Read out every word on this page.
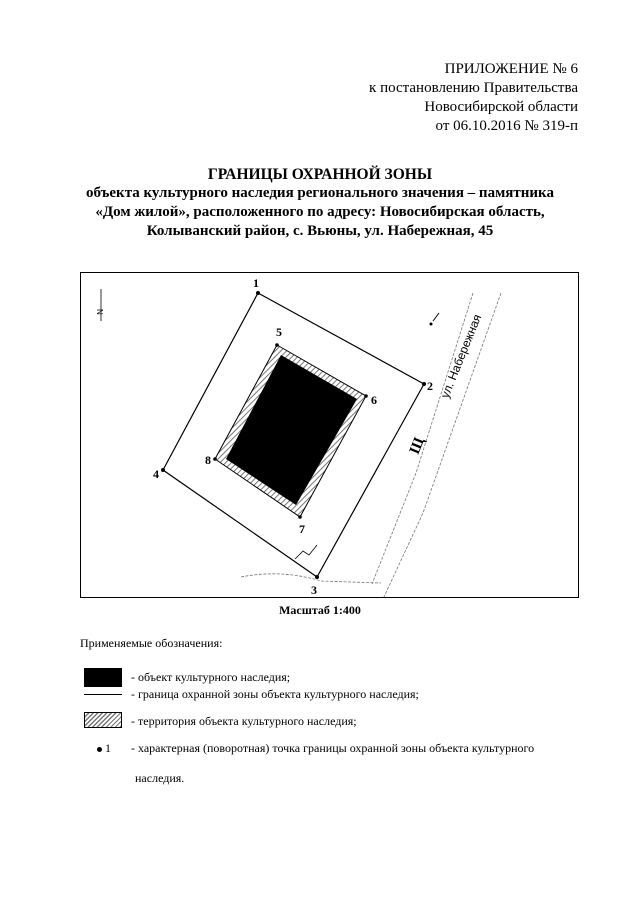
ПРИЛОЖЕНИЕ № 6
к постановлению Правительства
Новосибирской области
от 06.10.2016 № 319-п
ГРАНИЦЫ ОХРАННОЙ ЗОНЫ
объекта культурного наследия регионального значения – памятника
«Дом жилой», расположенного по адресу: Новосибирская область,
Колыванский район, с. Вьюны, ул. Набережная, 45
1
2
3
4
5
6
7
8
ул. Набережная
Щ
N
Масштаб 1:400
Применяемые обозначения:
- объект культурного наследия;
- граница охранной зоны объекта культурного наследия;
- территория объекта культурного наследия;
1 - характерная (поворотная) точка границы охранной зоны объекта культурного
наследия.
